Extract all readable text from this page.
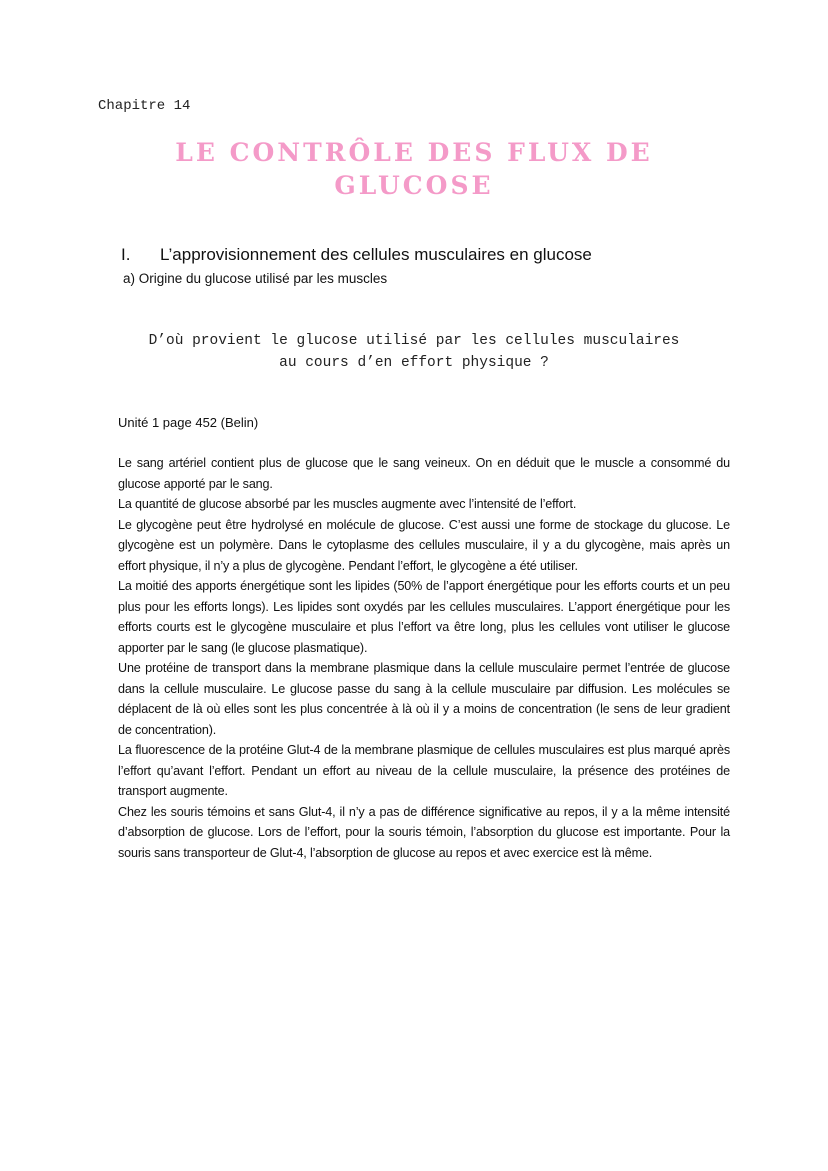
Chapitre 14
LE CONTRÔLE DES FLUX DE
GLUCOSE
I. L’approvisionnement des cellules musculaires en glucose
a) Origine du glucose utilisé par les muscles
D’où provient le glucose utilisé par les cellules musculaires
au cours d’en effort physique ?
Unité 1 page 452 (Belin)

Le sang artériel contient plus de glucose que le sang veineux. On en déduit que le muscle a consommé du glucose apporté par le sang.

La quantité de glucose absorbé par les muscles augmente avec l’intensité de l’effort.

Le glycogène peut être hydrolysé en molécule de glucose. C’est aussi une forme de stockage du glucose. Le glycogène est un polymère. Dans le cytoplasme des cellules musculaire, il y a du glycogène, mais après un effort physique, il n’y a plus de glycogène. Pendant l’effort, le glycogène a été utiliser.

La moitié des apports énergétique sont les lipides (50% de l’apport énergétique pour les efforts courts et un peu plus pour les efforts longs). Les lipides sont oxydés par les cellules musculaires. L’apport énergétique pour les efforts courts est le glycogène musculaire et plus l’effort va être long, plus les cellules vont utiliser le glucose apporter par le sang (le glucose plasmatique).

Une protéine de transport dans la membrane plasmique dans la cellule musculaire permet l’entrée de glucose dans la cellule musculaire. Le glucose passe du sang à la cellule musculaire par diffusion. Les molécules se déplacent de là où elles sont les plus concentrée à là où il y a moins de concentration (le sens de leur gradient de concentration).

La fluorescence de la protéine Glut-4 de la membrane plasmique de cellules musculaires est plus marqué après l’effort qu’avant l’effort. Pendant un effort au niveau de la cellule musculaire, la présence des protéines de transport augmente.

Chez les souris témoins et sans Glut-4, il n’y a pas de différence significative au repos, il y a la même intensité d’absorption de glucose. Lors de l’effort, pour la souris témoin, l’absorption du glucose est importante. Pour la souris sans transporteur de Glut-4, l’absorption de glucose au repos et avec exercice est là même.
